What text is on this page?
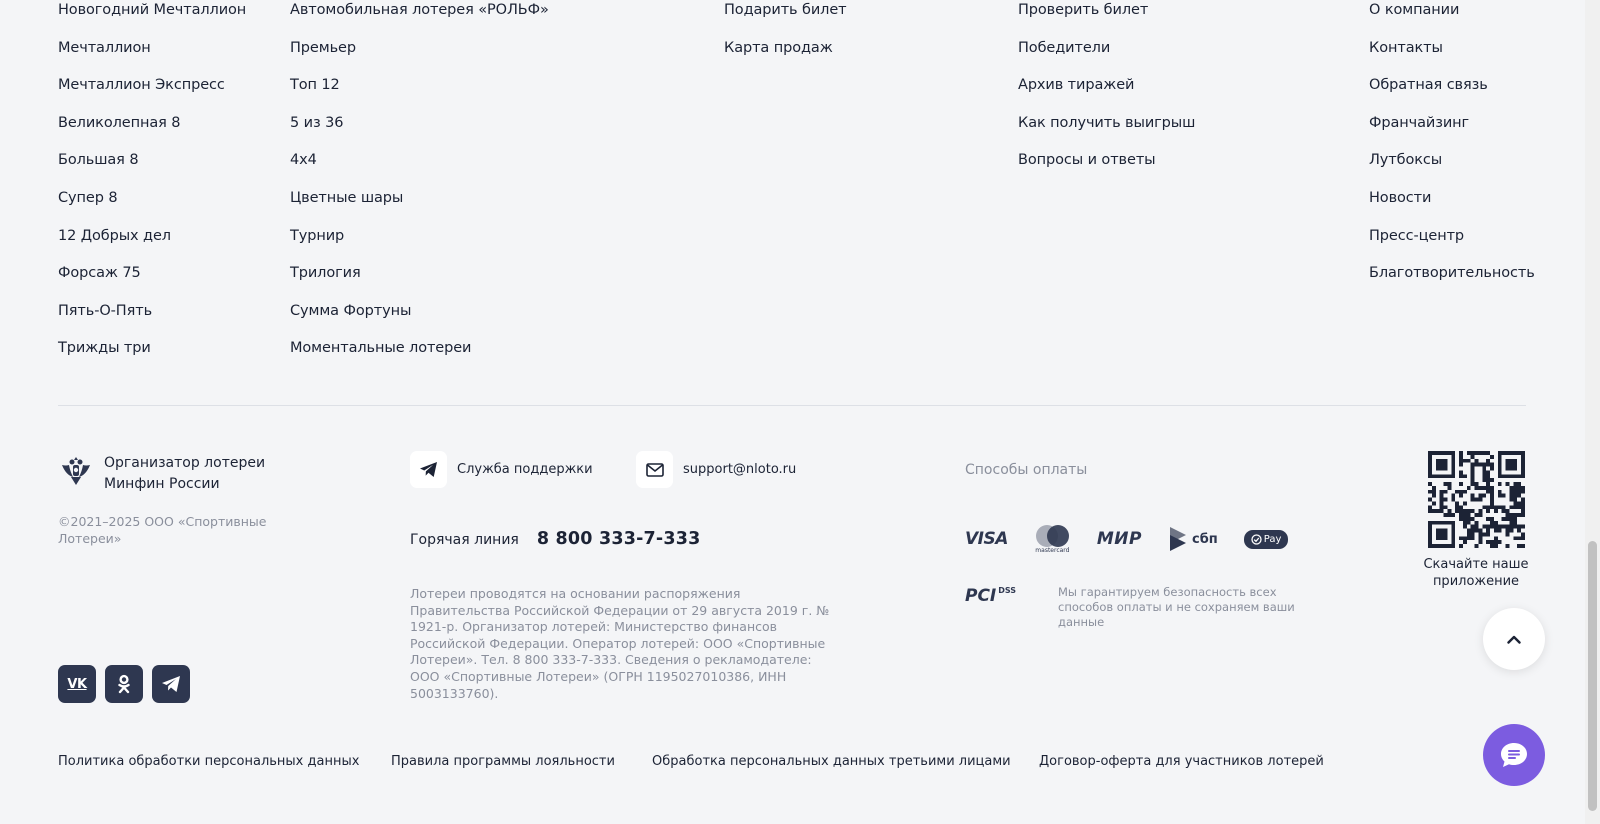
Новогодний Мечталлион
Мечталлион
Мечталлион Экспресс
Великолепная 8
Большая 8
Супер 8
12 Добрых дел
Форсаж 75
Пять-О-Пять
Трижды три
Автомобильная лотерея «РОЛЬФ»
Премьер
Топ 12
5 из 36
4x4
Цветные шары
Турнир
Трилогия
Сумма Фортуны
Моментальные лотереи
Подарить билет
Карта продаж
Проверить билет
Победители
Архив тиражей
Как получить выигрыш
Вопросы и ответы
О компании
Контакты
Обратная связь
Франчайзинг
Лутбоксы
Новости
Пресс-центр
Благотворительность
Организатор лотереи
Минфин России
©2021–2025 ООО «Спортивные Лотереи»
VK
Служба поддержки	support@nloto.ru
Горячая линия 8 800 333-7-333
Лотереи проводятся на основании распоряжения Правительства Российской Федерации от 29 августа 2019 г. № 1921-р. Организатор лотерей: Министерство финансов Российской Федерации. Оператор лотерей: ООО «Спортивные Лотереи». Тел. 8 800 333-7-333. Сведения о рекламодателе: ООО «Спортивные Лотереи» (ОГРН 1195027010386, ИНН 5003133760).
Способы оплаты
VISA
mastercard
МИР	сбп	Pay
PCI DSS	Мы гарантируем безопасность всех способов оплаты и не сохраняем ваши данные
Скачайте наше приложение
Политика обработки персональных данных Правила программы лояльности	Обработка персональных данных третьими лицами Договор-оферта для участников лотерей
